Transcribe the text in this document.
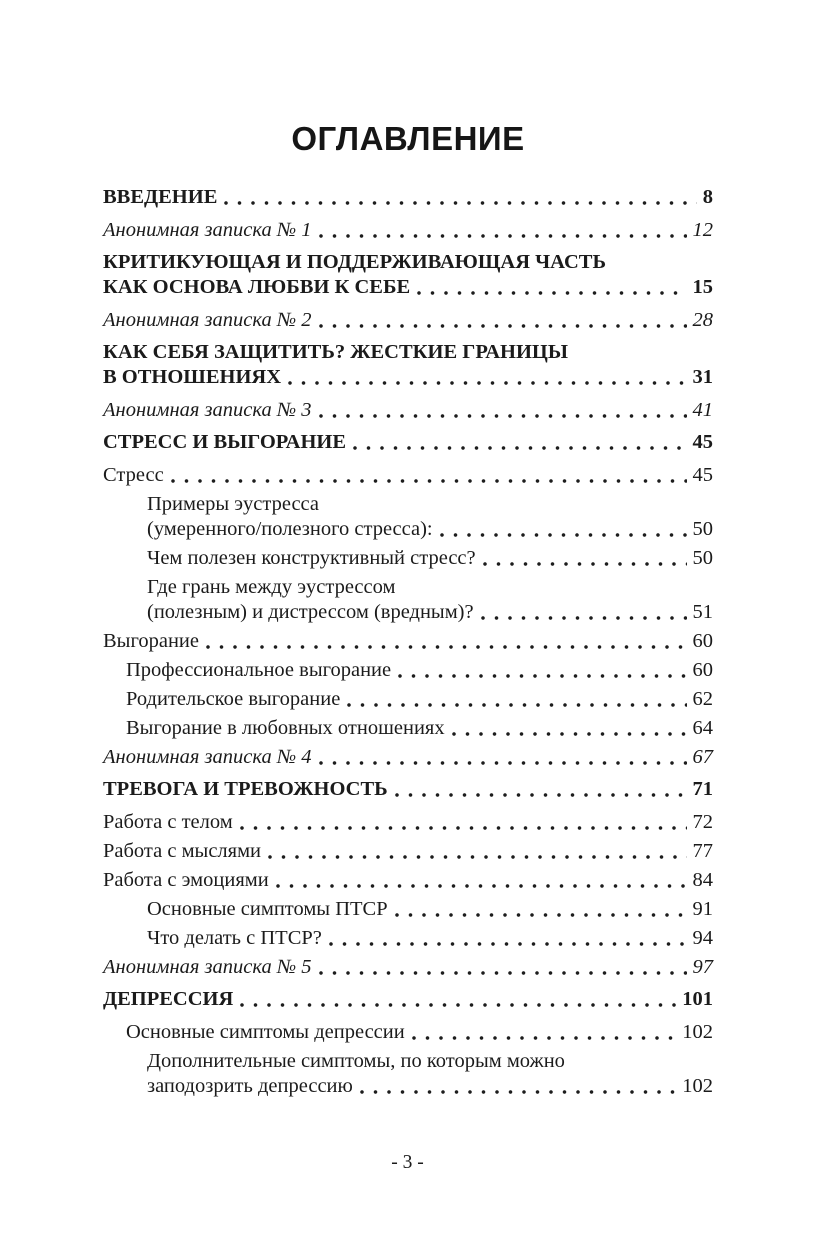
ОГЛАВЛЕНИЕ
ВВЕДЕНИЕ	8
Анонимная записка № 1	12
КРИТИКУЮЩАЯ И ПОДДЕРЖИВАЮЩАЯ ЧАСТЬ
КАК ОСНОВА ЛЮБВИ К СЕБЕ	15
Анонимная записка № 2	28
КАК СЕБЯ ЗАЩИТИТЬ? ЖЕСТКИЕ ГРАНИЦЫ
В ОТНОШЕНИЯХ	31
Анонимная записка № 3	41
СТРЕСС И ВЫГОРАНИЕ	45
Стресс	45
Примеры эустресса
(умеренного/полезного стресса):	50
Чем полезен конструктивный стресс?	50
Где грань между эустрессом
(полезным) и дистрессом (вредным)?	51
Выгорание	60
Профессиональное выгорание	60
Родительское выгорание	62
Выгорание в любовных отношениях	64
Анонимная записка № 4	67
ТРЕВОГА И ТРЕВОЖНОСТЬ	71
Работа с телом	72
Работа с мыслями	77
Работа с эмоциями	84
Основные симптомы ПТСР	91
Что делать с ПТСР?	94
Анонимная записка № 5	97
ДЕПРЕССИЯ	101
Основные симптомы депрессии	102
Дополнительные симптомы, по которым можно
заподозрить депрессию	102
- 3 -
